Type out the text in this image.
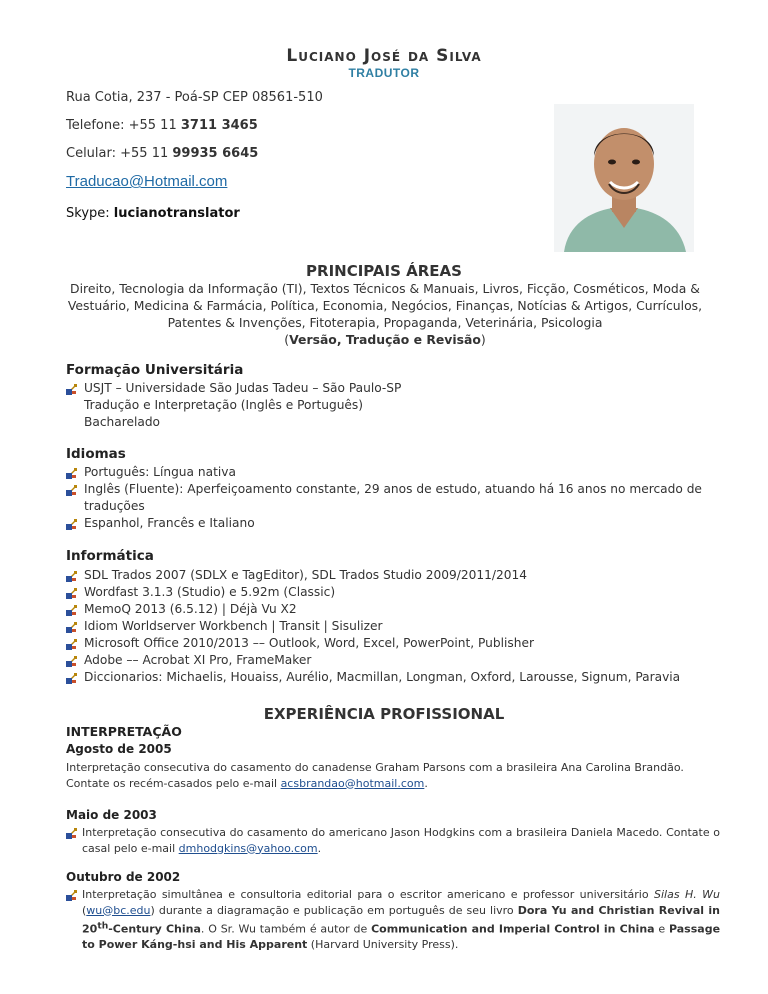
Luciano José da Silva
TRADUTOR
Rua Cotia, 237 - Poá-SP CEP 08561-510
Telefone: +55 11 3711 3465
Celular: +55 11 99935 6645
Traducao@Hotmail.com
Skype: lucianotranslator
PRINCIPAIS ÁREAS
Direito, Tecnologia da Informação (TI), Textos Técnicos & Manuais, Livros, Ficção, Cosméticos, Moda & Vestuário, Medicina & Farmácia, Política, Economia, Negócios, Finanças, Notícias & Artigos, Currículos, Patentes & Invenções, Fitoterapia, Propaganda, Veterinária, Psicologia
(Versão, Tradução e Revisão)
Formação Universitária
USJT – Universidade São Judas Tadeu – São Paulo-SP
Tradução e Interpretação (Inglês e Português)
Bacharelado
Idiomas
Português: Língua nativa
Inglês (Fluente): Aperfeiçoamento constante, 29 anos de estudo, atuando há 16 anos no mercado de traduções
Espanhol, Francês e Italiano
Informática
SDL Trados 2007 (SDLX e TagEditor), SDL Trados Studio 2009/2011/2014
Wordfast 3.1.3 (Studio) e 5.92m (Classic)
MemoQ 2013 (6.5.12) | Déjà Vu X2
Idiom Worldserver Workbench | Transit | Sisulizer
Microsoft Office 2010/2013 –– Outlook, Word, Excel, PowerPoint, Publisher
Adobe –– Acrobat XI Pro, FrameMaker
Diccionarios: Michaelis, Houaiss, Aurélio, Macmillan, Longman, Oxford, Larousse, Signum, Paravia
EXPERIÊNCIA PROFISSIONAL
INTERPRETAÇÃO
Agosto de 2005
Interpretação consecutiva do casamento do canadense Graham Parsons com a brasileira Ana Carolina Brandão.
Contate os recém-casados pelo e-mail acsbrandao@hotmail.com.
Maio de 2003
Interpretação consecutiva do casamento do americano Jason Hodgkins com a brasileira Daniela Macedo. Contate o casal pelo e-mail dmhodgkins@yahoo.com.
Outubro de 2002
Interpretação simultânea e consultoria editorial para o escritor americano e professor universitário Silas H. Wu (wu@bc.edu) durante a diagramação e publicação em português de seu livro Dora Yu and Christian Revival in 20th-Century China. O Sr. Wu também é autor de Communication and Imperial Control in China e Passage to Power Káng-hsi and His Apparent (Harvard University Press).
